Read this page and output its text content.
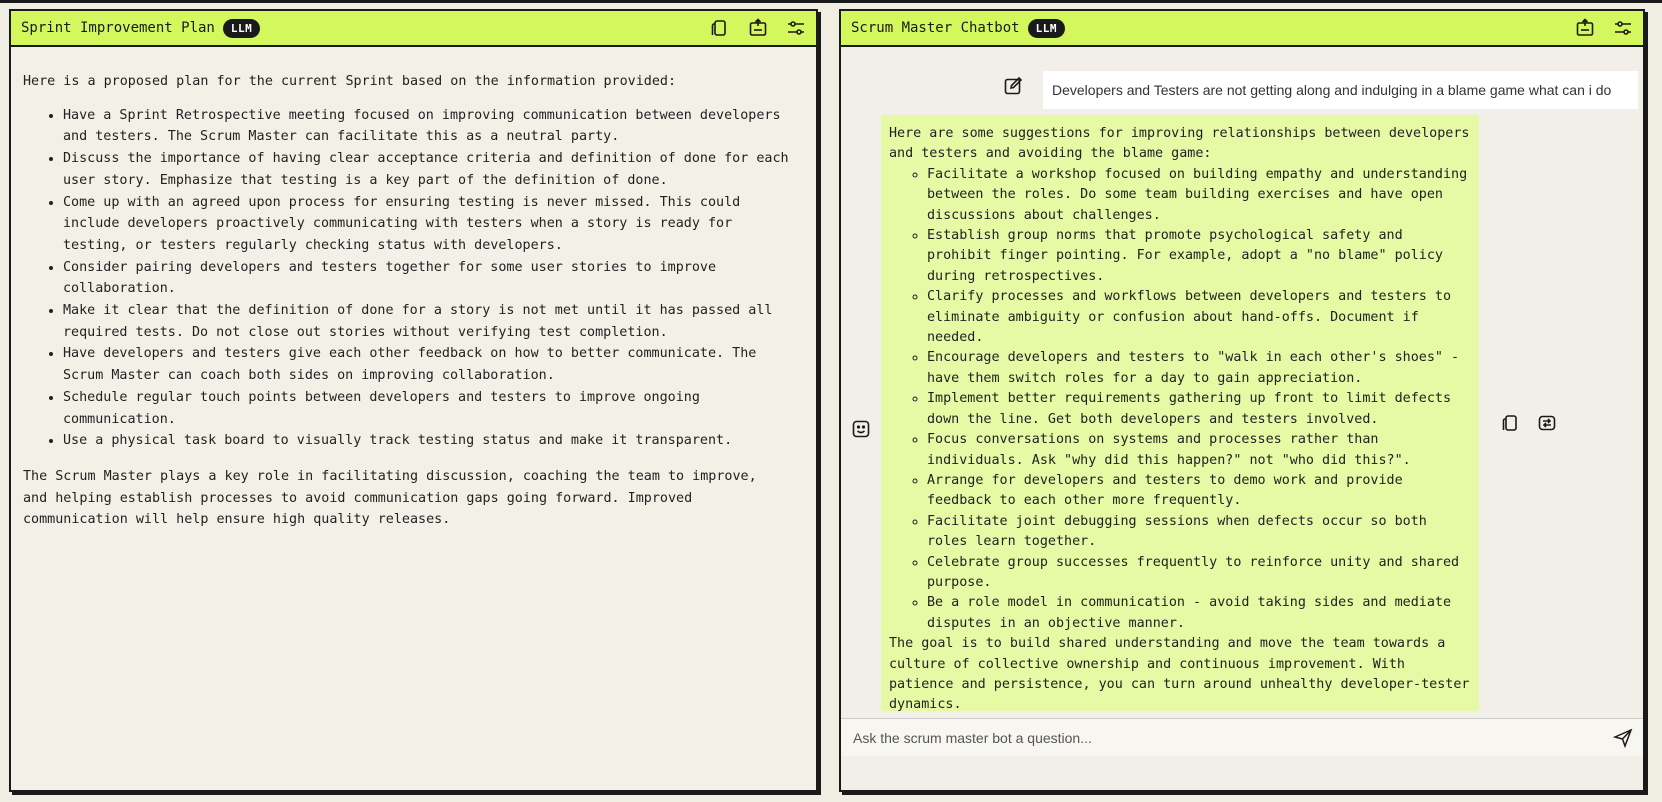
Sprint Improvement Plan	LLM

Here is a proposed plan for the current Sprint based on the information provided:

• Have a Sprint Retrospective meeting focused on improving communication between developers and testers. The Scrum Master can facilitate this as a neutral party.
• Discuss the importance of having clear acceptance criteria and definition of done for each user story. Emphasize that testing is a key part of the definition of done.
• Come up with an agreed upon process for ensuring testing is never missed. This could include developers proactively communicating with testers when a story is ready for testing, or testers regularly checking status with developers.
• Consider pairing developers and testers together for some user stories to improve collaboration.
• Make it clear that the definition of done for a story is not met until it has passed all required tests. Do not close out stories without verifying test completion.
• Have developers and testers give each other feedback on how to better communicate. The Scrum Master can coach both sides on improving collaboration.
• Schedule regular touch points between developers and testers to improve ongoing communication.
• Use a physical task board to visually track testing status and make it transparent.
The Scrum Master plays a key role in facilitating discussion, coaching the team to improve,
and helping establish processes to avoid communication gaps going forward. Improved
communication will help ensure high quality releases.
Scrum Master Chatbot	LLM
Developers and Testers are not getting along and indulging in a blame game what can i do

Here are some suggestions for improving relationships between developers and testers and avoiding the blame game:

◦ Facilitate a workshop focused on building empathy and understanding between the roles. Do some team building exercises and have open discussions about challenges.
◦ Establish group norms that promote psychological safety and prohibit finger pointing. For example, adopt a "no blame" policy during retrospectives.
◦ Clarify processes and workflows between developers and testers to eliminate ambiguity or confusion about hand-offs. Document if needed.
◦ Encourage developers and testers to "walk in each other's shoes" - have them switch roles for a day to gain appreciation.
◦ Implement better requirements gathering up front to limit defects down the line. Get both developers and testers involved.
◦ Focus conversations on systems and processes rather than individuals. Ask "why did this happen?" not "who did this?".
◦ Arrange for developers and testers to demo work and provide feedback to each other more frequently.
◦ Facilitate joint debugging sessions when defects occur so both roles learn together.
◦ Celebrate group successes frequently to reinforce unity and shared purpose.
◦ Be a role model in communication - avoid taking sides and mediate disputes in an objective manner.

The goal is to build shared understanding and move the team towards a culture of collective ownership and continuous improvement. With patience and persistence, you can turn around unhealthy developer-tester dynamics.

Ask the scrum master bot a question...
